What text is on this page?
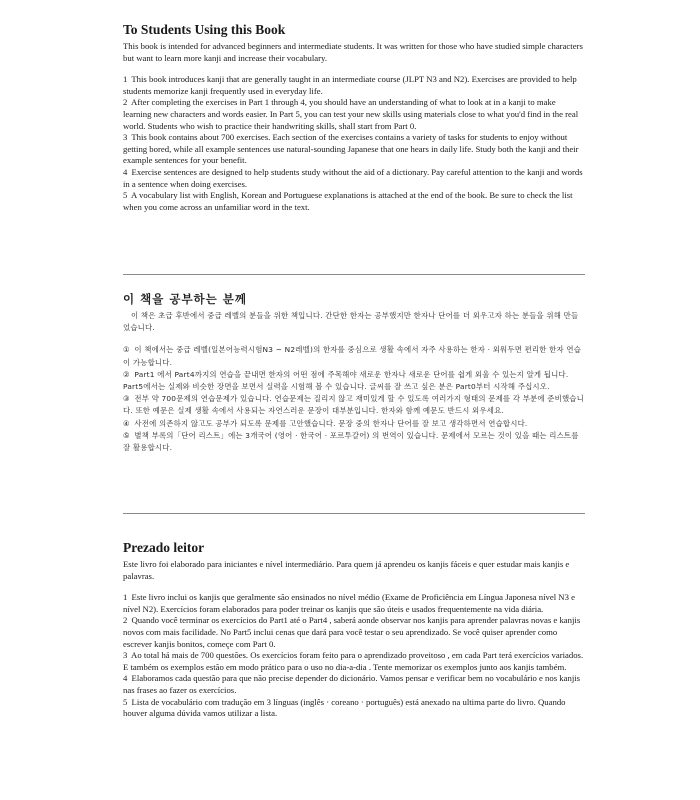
To Students Using this Book

This book is intended for advanced beginners and intermediate students. It was written for those who have studied simple characters but want to learn more kanji and increase their vocabulary.

1 This book introduces kanji that are generally taught in an intermediate course (JLPT N3 and N2). Exercises are provided to help students memorize kanji frequently used in everyday life.
2 After completing the exercises in Part 1 through 4, you should have an understanding of what to look at in a kanji to make learning new characters and words easier. In Part 5, you can test your new skills using materials close to what you'd find in the real world. Students who wish to practice their handwriting skills, shall start from Part 0.
3 This book contains about 700 exercises. Each section of the exercises contains a variety of tasks for students to enjoy without getting bored, while all example sentences use natural-sounding Japanese that one hears in daily life. Study both the kanji and their example sentences for your benefit.
4 Exercise sentences are designed to help students study without the aid of a dictionary. Pay careful attention to the kanji and words in a sentence when doing exercises.
5 A vocabulary list with English, Korean and Portuguese explanations is attached at the end of the book. Be sure to check the list when you come across an unfamiliar word in the text.
이 책을 공부하는 분께

이 책은 초급 후반에서 중급 레벨의 분들을 위한 책입니다. 간단한 한자는 공부했지만 한자나 단어를 더 외우고자 하는 분들을 위해 만들었습니다.

① 이 책에서는 중급 레벨(일본어능력시험N3 ~ N2레벨)의 한자를 중심으로 생활 속에서 자주 사용하는 한자 · 외워두면 편리한 한자 연습이 가능합니다.
② Part1 에서 Part4까지의 연습을 끝내면 한자의 어떤 점에 주목해야 새로운 한자나 새로운 단어를 쉽게 외울 수 있는지 알게 됩니다. Part5에서는 실제와 비슷한 장면을 보면서 실력을 시험해 볼 수 있습니다. 글씨를 잘 쓰고 싶은 분은 Part0부터 시작해 주십시오.
③ 전부 약 700문제의 연습문제가 있습니다. 연습문제는 질리지 않고 재미있게 할 수 있도록 여러가지 형태의 문제를 각 부분에 준비했습니다. 또한 예문은 실제 생활 속에서 사용되는 자연스러운 문장이 대부분입니다. 한자와 함께 예문도 반드시 외우세요.
④ 사전에 의존하지 않고도 공부가 되도록 문제를 고안했습니다. 문장 중의 한자나 단어를 잘 보고 생각하면서 연습합시다.
⑤ 별책 부록의「단어 리스트」에는 3개국어 (영어 · 한국어 · 포르투갈어) 의 번역이 있습니다. 문제에서 모르는 것이 있을 때는 리스트를 잘 활용합시다.
Prezado leitor

Este livro foi elaborado para iniciantes e nível intermediário. Para quem já aprendeu os kanjis fáceis e quer estudar mais kanjis e palavras.

1 Este livro inclui os kanjis que geralmente são ensinados no nível médio (Exame de Proficiência em Língua Japonesa nível N3 e nível N2). Exercícios foram elaborados para poder treinar os kanjis que são úteis e usados frequentemente na vida diária.
2 Quando você terminar os exercícios do Part1 até o Part4 , saberá aonde observar nos kanjis para aprender palavras novas e kanjis novos com mais facilidade. No Part5 inclui cenas que dará para você testar o seu aprendizado. Se você quiser aprender como escrever kanjis bonitos, começe com Part 0.
3 Ao total há mais de 700 questões. Os exercícios foram feito para o aprendizado proveitoso , em cada Part terá exercícios variados. E também os exemplos estão em modo prático para o uso no dia-a-dia . Tente memorizar os exemplos junto aos kanjis também.
4 Elaboramos cada questão para que não precise depender do dicionário. Vamos pensar e verificar bem no vocabulário e nos kanjis nas frases ao fazer os exercícios.
5 Lista de vocabulário com tradução em 3 línguas (inglês · coreano · português) está anexado na ultima parte do livro. Quando houver alguma dúvida vamos utilizar a lista.
